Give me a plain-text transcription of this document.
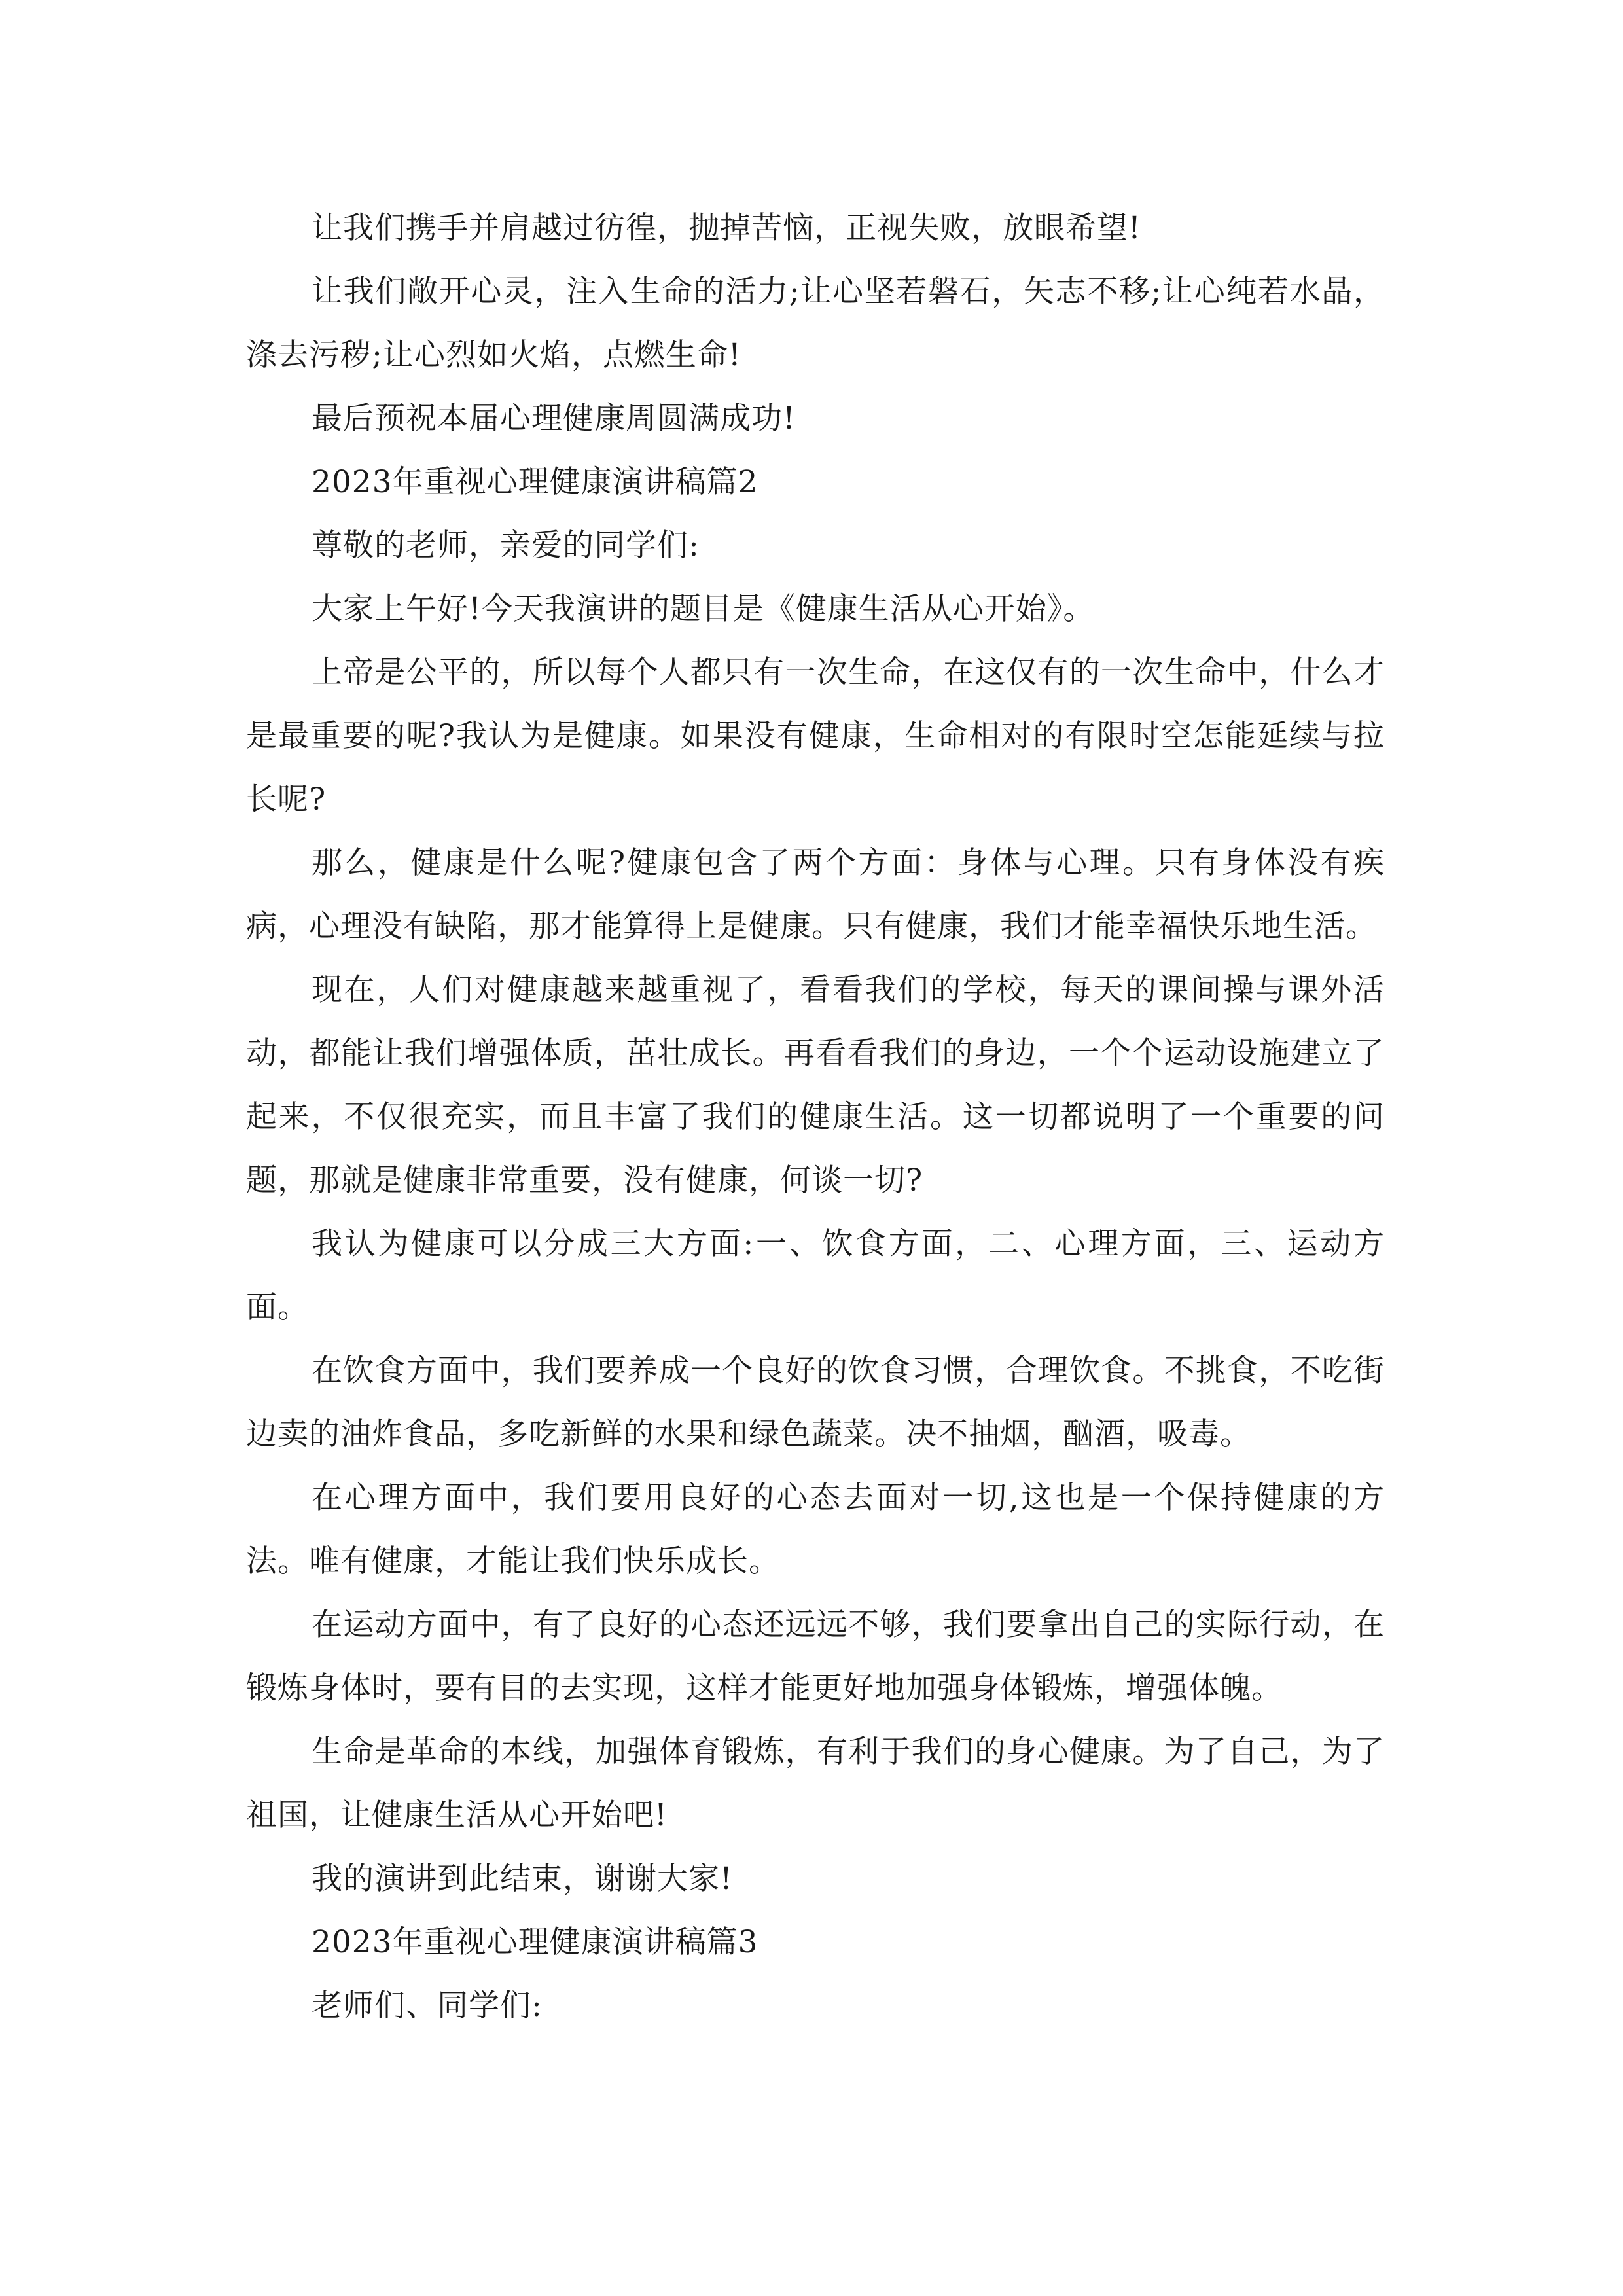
让我们携手并肩越过彷徨，抛掉苦恼，正视失败，放眼希望!

让我们敞开心灵，注入生命的活力;让心坚若磐石，矢志不移;让心纯若水晶，涤去污秽;让心烈如火焰，点燃生命!

最后预祝本届心理健康周圆满成功!

2023年重视心理健康演讲稿篇2

尊敬的老师，亲爱的同学们:

大家上午好!今天我演讲的题目是《健康生活从心开始》。

上帝是公平的，所以每个人都只有一次生命，在这仅有的一次生命中，什么才是最重要的呢?我认为是健康。如果没有健康，生命相对的有限时空怎能延续与拉长呢?

那么，健康是什么呢?健康包含了两个方面：身体与心理。只有身体没有疾病，心理没有缺陷，那才能算得上是健康。只有健康，我们才能幸福快乐地生活。

现在，人们对健康越来越重视了，看看我们的学校，每天的课间操与课外活动，都能让我们增强体质，茁壮成长。再看看我们的身边，一个个运动设施建立了起来，不仅很充实，而且丰富了我们的健康生活。这一切都说明了一个重要的问题，那就是健康非常重要，没有健康，何谈一切?

我认为健康可以分成三大方面:一、饮食方面，二、心理方面，三、运动方面。

在饮食方面中，我们要养成一个良好的饮食习惯，合理饮食。不挑食，不吃街边卖的油炸食品，多吃新鲜的水果和绿色蔬菜。决不抽烟，酗酒，吸毒。

在心理方面中，我们要用良好的心态去面对一切,这也是一个保持健康的方法。唯有健康，才能让我们快乐成长。

在运动方面中，有了良好的心态还远远不够，我们要拿出自己的实际行动，在锻炼身体时，要有目的去实现，这样才能更好地加强身体锻炼，增强体魄。

生命是革命的本线，加强体育锻炼，有利于我们的身心健康。为了自己，为了祖国，让健康生活从心开始吧!

我的演讲到此结束，谢谢大家!

2023年重视心理健康演讲稿篇3

老师们、同学们:
